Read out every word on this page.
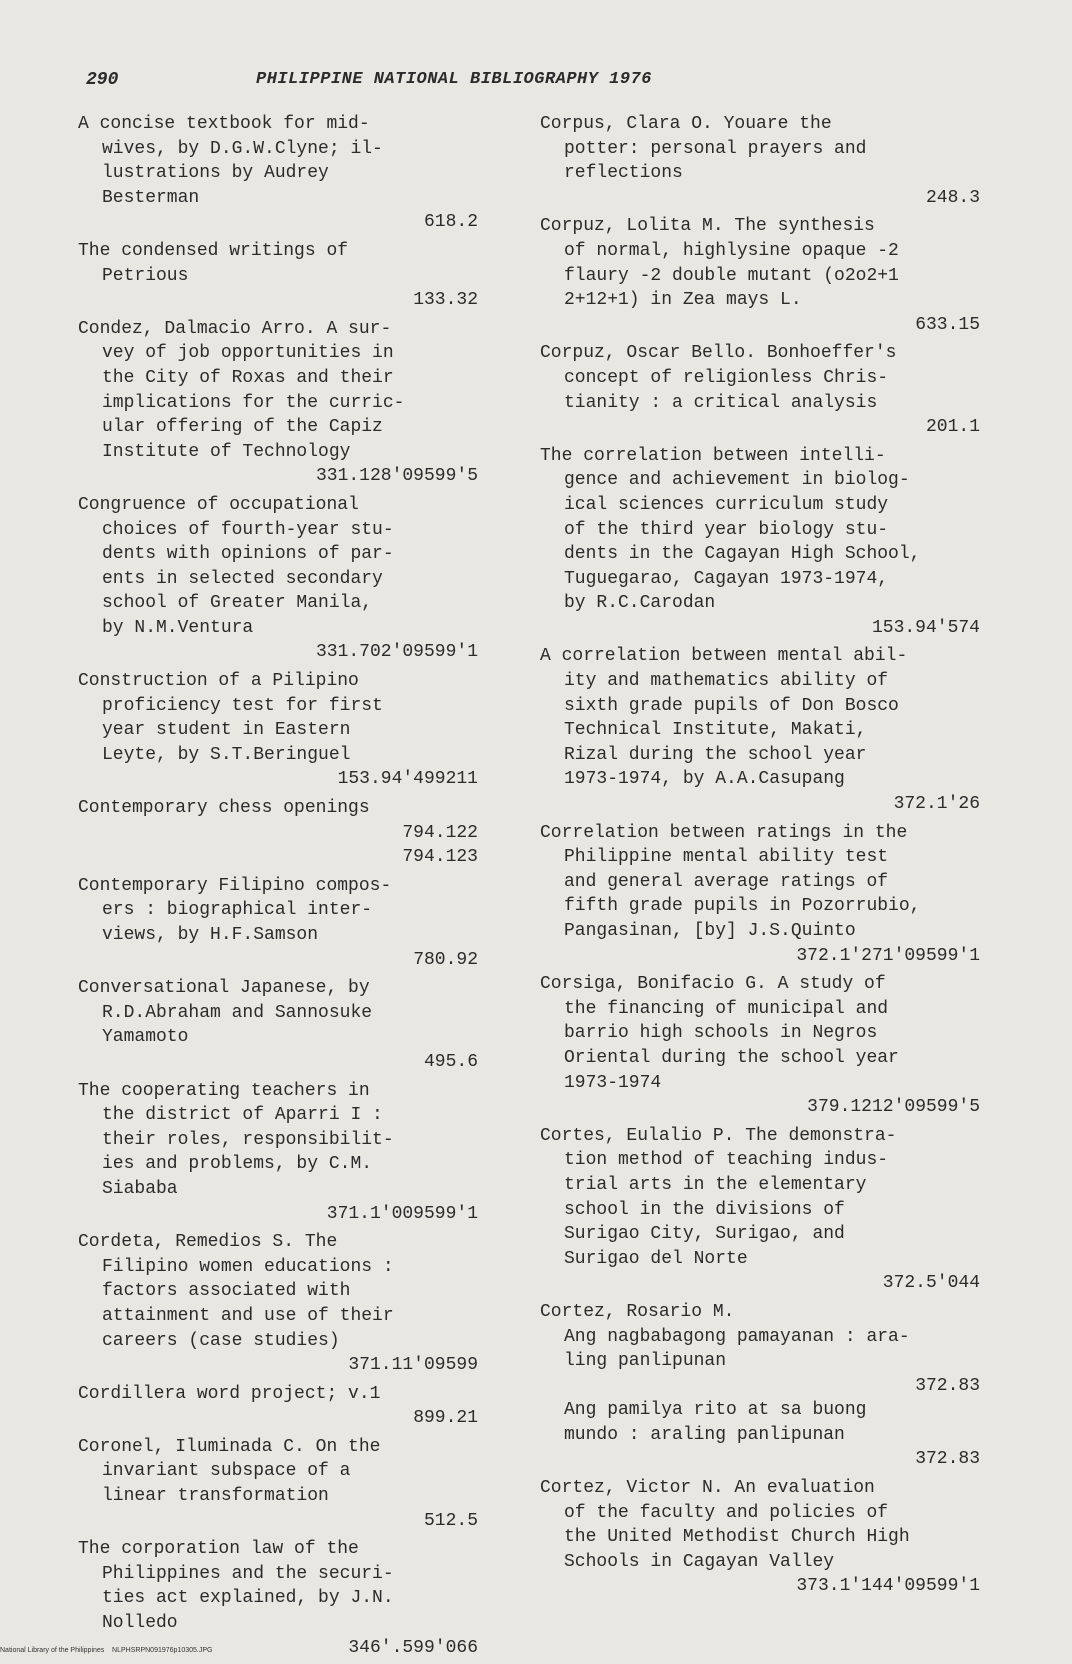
290	PHILIPPINE NATIONAL BIBLIOGRAPHY 1976
A concise textbook for mid-
wives, by D.G.W.Clyne; il-
lustrations by Audrey
Besterman
618.2
The condensed writings of
Petrious
133.32
Condez, Dalmacio Arro. A sur-
vey of job opportunities in
the City of Roxas and their
implications for the curric-
ular offering of the Capiz
Institute of Technology
331.128'09599'5
Congruence of occupational
choices of fourth-year stu-
dents with opinions of par-
ents in selected secondary
school of Greater Manila,
by N.M.Ventura
331.702'09599'1
Construction of a Pilipino
proficiency test for first
year student in Eastern
Leyte, by S.T.Beringuel
153.94'499211
Contemporary chess openings
794.122
794.123
Contemporary Filipino compos-
ers : biographical inter-
views, by H.F.Samson
780.92
Conversational Japanese, by
R.D.Abraham and Sannosuke
Yamamoto
495.6
The cooperating teachers in
the district of Aparri I :
their roles, responsibilit-
ies and problems, by C.M.
Siababa
371.1'009599'1
Cordeta, Remedios S. The
Filipino women educations :
factors associated with
attainment and use of their
careers (case studies)
371.11'09599
Cordillera word project; v.1
899.21
Coronel, Iluminada C. On the
invariant subspace of a
linear transformation
512.5
The corporation law of the
Philippines and the securi-
ties act explained, by J.N.
Nolledo
346'.599'066
Corpus, Clara O. Youare the
potter: personal prayers and
reflections
248.3
Corpuz, Lolita M. The synthesis
of normal, highlysine opaque -2
flaury -2 double mutant (o2o2+1
2+12+1) in Zea mays L.
633.15
Corpuz, Oscar Bello. Bonhoeffer's
concept of religionless Chris-
tianity : a critical analysis
201.1
The correlation between intelli-
gence and achievement in biolog-
ical sciences curriculum study
of the third year biology stu-
dents in the Cagayan High School,
Tuguegarao, Cagayan 1973-1974,
by R.C.Carodan
153.94'574
A correlation between mental abil-
ity and mathematics ability of
sixth grade pupils of Don Bosco
Technical Institute, Makati,
Rizal during the school year
1973-1974, by A.A.Casupang
372.1'26
Correlation between ratings in the
Philippine mental ability test
and general average ratings of
fifth grade pupils in Pozorrubio,
Pangasinan, [by] J.S.Quinto
372.1'271'09599'1
Corsiga, Bonifacio G. A study of
the financing of municipal and
barrio high schools in Negros
Oriental during the school year
1973-1974
379.1212'09599'5
Cortes, Eulalio P. The demonstra-
tion method of teaching indus-
trial arts in the elementary
school in the divisions of
Surigao City, Surigao, and
Surigao del Norte
372.5'044
Cortez, Rosario M.
Ang nagbabagong pamayanan : ara-
ling panlipunan
372.83
Ang pamilya rito at sa buong
mundo : araling panlipunan
372.83
Cortez, Victor N. An evaluation
of the faculty and policies of
the United Methodist Church High
Schools in Cagayan Valley
373.1'144'09599'1
National Library of the Philippines    NLPHSRPN091976p10305.JPG
